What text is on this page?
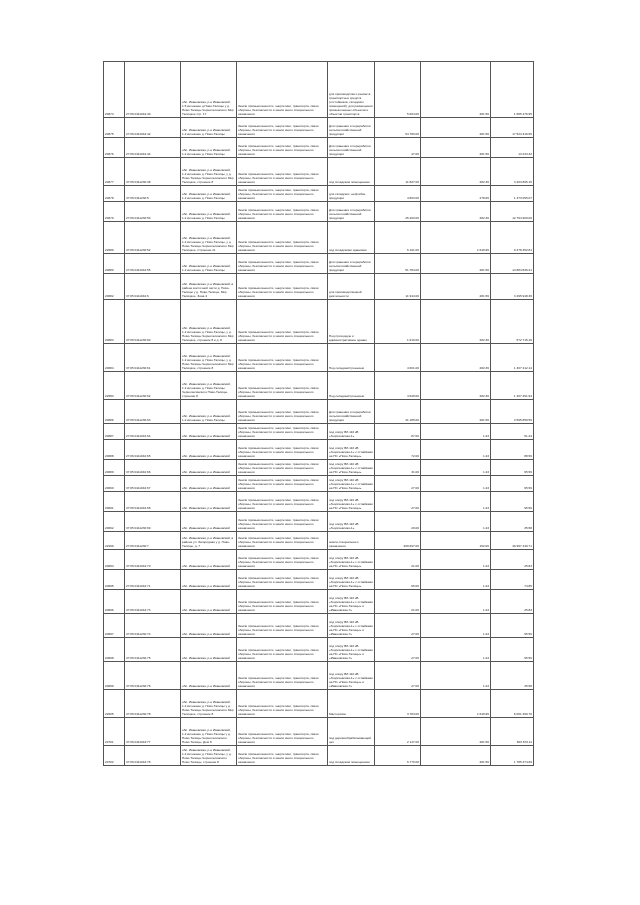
20674	27:06:0111042:40	обл. Ивановская, р-н Ивановский, 1.5 км южнее д.Ново-Талицы у д. Ново-Талицы Чернолесинского Мкр Талицкое стр. 17	Земли промышленности, энергетики, транспорта, связи обороны, безопасности и земли иного специального назначения	для производства и ремонта транспортных средств (отстойников, складских помещений), для размещения промышленных объектов и объектов транспорта	5 604.00	281.56	1 585 476.95
20675	27:06:0111042:42	обл. Ивановская, р-н Ивановский, 1.2 км южнее д. Ново-Талицы	Земли промышленности, энергетики, транспорта, связи обороны, безопасности и земли иного специального назначения	Для хранения и переработки сельскохозяйственной продукции	54 780.00	281.56	17 524 316.65
20676	27:06:0111042:44	обл. Ивановская, р-н Ивановский, 1.2 км южнее д. Ново-Талицы	Земли промышленности, энергетики, транспорта, связи обороны, безопасности и земли иного специального назначения	Для хранения и переработки сельскохозяйственной продукции	47.00	281.56	13 233.32
20677	37:05:0111230:48	обл. Ивановская, р-н Ивановский, 1.2 км южнее д. Ново-Талицы, у д. Ново-Талицы Чернолесинского Мкр Талицкое, строение 8	Земли промышленности, энергетики, транспорта, связи обороны, безопасности и земли иного специального назначения	под складским помещением	11 807.00	282.36	3 403 865.15
20678	37:05:0111230:5	обл. Ивановская, р-н Ивановский, 1.2 км южнее д. Ново-Талицы	Земли промышленности, энергетики, транспорта, связи обороны, безопасности и земли иного специального назначения	для складских, нефтебаз, продукции	4 803.00	278.66	1 373 055.07
20679	27:06:0111230:50	обл. Ивановская, р-н Ивановский, 1.2 км южнее д. Ново-Талицы	Земли промышленности, энергетики, транспорта, связи обороны, безопасности и земли иного специального назначения	Для хранения и переработки сельскохозяйственной продукции	45 403.00	282.36	12 794 900.00
22689	37:05:0111230:52	обл. Ивановская, р-н Ивановский, 1.2 км южнее д. Ново-Талицы, у д. Ново-Талицы Чернолесинского Мкр Талицкое, Строение 11	Земли промышленности, энергетики, транспорта, связи обороны, безопасности и земли иного специального назначения	под складскими зданиями	6 101.00	1 649.95	9 378 352.81
20680	27:06:0111042:55	обл. Ивановская, р-н Ивановский, 1.2 км южнее д. Ново-Талицы	Земли промышленности, энергетики, транспорта, связи обороны, безопасности и земли иного специального назначения	Для хранения и переработки сельскохозяйственной продукции	51 784.00	281.56	14 884 836.21
20682	37:05:0111042:6	обл. Ивановская, р-н Ивановский, в районе восточной части д. Ново-Талицы у д. Ново-Талицы, Мкр Талицкое, Зона 4	Земли промышленности, энергетики, транспорта, связи обороны, безопасности и земли иного специального назначения	для производственной деятельности	11 944.00	281.56	3 495 948.36
20683	37:05:0111230:60	обл. Ивановская, р-н Ивановский, 1.2 км южнее д. Ново-Талицы, у д. Ново-Талицы Чернолесинского Мкр Талицкое, строение 8 и д. 8	Земли промышленности, энергетики, транспорта, связи обороны, безопасности и земли иного специального назначения	Под проходную и административное здание	1 910.00	282.36	572 715.16
20684	37:05:0111230:61	обл. Ивановская, р-н Ивановский, 1.2 км южнее д. Ново-Талицы, у д. Ново-Талицы Чернолесинского Мкр Талицкое, строение 8	Земли промышленности, энергетики, транспорта, связи обороны, безопасности и земли иного специального назначения	Под складом/строением	4 601.00	282.36	1 307 412.14
22583	37:05:0111230:62	обл. Ивановская, р-н Ивановский, 1.2 км южнее д. Ново-Талицы Чернолесинского Ново-Талицы, строение 8	Земли промышленности, энергетики, транспорта, связи обороны, безопасности и земли иного специального назначения	Под складом/строением	4 628.00	282.36	1 307 451.94
20686	37:05:0111230:63	обл. Ивановская, р-н Ивановский, 1.2 км южнее д. Ново-Талицы	Земли промышленности, энергетики, транспорта, связи обороны, безопасности и земли иного специального назначения	Для хранения и переработки сельскохозяйственной продукции	41 185.00	281.56	3 595 859.56
20687	27:06:0111042:64	обл. Ивановская, р-н Ивановский	Земли промышленности, энергетики, транспорта, связи обороны, безопасности и земли иного специального назначения	под опору ВЛ-110 кВ «Георгиевская-1»	87.00	1.23	51.44
20688	27:06:0111042:65	обл. Ивановская, р-н Ивановский	Земли промышленности, энергетики, транспорта, связи обороны, безопасности и земли иного специального назначения	под опору ВЛ-110 кВ «Георгиевская-1» с отпайками на ПС «Ново-Талицы»	72.00	1.23	88.56
20689	37:05:0111042:66	обл. Ивановская, р-н Ивановский	Земли промышленности, энергетики, транспорта, связи обороны, безопасности и земли иного специального назначения	под опору ВЛ-110 кВ «Георгиевская-1» с отпайками на ПС «Ново-Талицы»	31.00	1.23	95.56
20690	37:05:0111042:67	обл. Ивановская, р-н Ивановский	Земли промышленности, энергетики, транспорта, связи обороны, безопасности и земли иного специального назначения	под опору ВЛ-110 кВ «Георгиевская-1» с отпайками на ПС «Ново-Талицы»	27.00	1.23	95.56
20691	37:05:0111042:68	обл. Ивановская, р-н Ивановский	Земли промышленности, энергетики, транспорта, связи обороны, безопасности и земли иного специального назначения	под опору ВЛ-110 кВ «Георгиевская-1» с отпайками на ПС «Ново-Талицы»	27.00	1.23	95.56
20692	37:05:0111230:69	обл. Ивановская, р-н Ивановский	Земли промышленности, энергетики, транспорта, связи обороны, безопасности и земли иного специального назначения	под опору ВЛ-110 кВ «Георгиевская-1»	29.00	1.23	35.58
22299	27:05:0111230:7	обл. Ивановская, р-н Ивановский, в районе ул. Загородная у д. Ново-Талицы, д. 7	Земли промышленности, энергетики, транспорта, связи обороны, безопасности и земли иного специального назначения	земли специального назначения	269 697.00	152.00	40 997 449.71
20694	37:05:0111042:70	обл. Ивановская, р-н Ивановский	Земли промышленности, энергетики, транспорта, связи обороны, безопасности и земли иного специального назначения	под опору ВЛ-110 кВ «Георгиевская-1» с отпайками на ПС «Ново-Талицы»	21.00	1.23	25.83
20695	27:06:0111042:71	обл. Ивановская, р-н Ивановский	Земли промышленности, энергетики, транспорта, связи обороны, безопасности и земли иного специального назначения	под опору ВЛ-110 кВ «Георгиевская-1» с отпайками на ПС «Ново-Талицы»	65.00	1.23	74.85
20696	37:05:0111042:73	обл. Ивановская, р-н Ивановский	Земли промышленности, энергетики, транспорта, связи обороны, безопасности и земли иного специального назначения	под опору ВЛ-110 кВ «Георгиевская-1» с отпайками на ПС «Ново-Талицы» и «Ивановская-7»	21.00	1.23	25.83
20697	37:05:0111230:74	обл. Ивановская, р-н Ивановский	Земли промышленности, энергетики, транспорта, связи обороны, безопасности и земли иного специального назначения	под опору ВЛ-110 кВ «Георгиевская-1» с отпайками на ПС «Ново-Талицы» и «Ивановская-7»	27.00	1.23	95.56
20698	37:05:0111230:75	обл. Ивановская, р-н Ивановский	Земли промышленности, энергетики, транспорта, связи обороны, безопасности и земли иного специального назначения	под опору ВЛ-110 кВ «Георгиевская-1» с отпайками на ПС «Ново-Талицы» и «Ивановская-7»	27.00	1.23	95.56
20699	37:05:0111230:76	обл. Ивановская, р-н Ивановский	Земли промышленности, энергетики, транспорта, связи обороны, безопасности и земли иного специального назначения	под опору ВЛ-110 кВ «Георгиевская-1» с отпайками на ПС «Ново-Талицы» и «Ивановская-7»	27.00	1.23	35.58
22605	37:05:0111230:78	обл. Ивановская, р-н Ивановский, 1.2 км южнее д. Ново-Талицы у д. Ново-Талицы Чернолесинского Мкр Талицкое, строение 8	Земли промышленности, энергетики, транспорта, связи обороны, безопасности и земли иного специального назначения	Мастерские	3 784.00	1 649.95	6 061 399.70
20701	37:06:0111042:77	обл. Ивановская, р-н Ивановский, 1.2 км южнее д. Ново-Талицы у д. Ново-Талицы Чернолесинского Ново-Талицы, Дом 8	Земли промышленности, энергетики, транспорта, связи обороны, безопасности и земли иного специального назначения	под деревообрабатывающий цех	2 147.00	281.56	603 670.11
20702	37:06:0111042:78	обл. Ивановская, р-н Ивановский, 1.2 км южнее д. Ново-Талицы, у д. Ново-Талицы Чернолесинского Ново-Талицы, строение 8	Земли промышленности, энергетики, транспорта, связи обороны, безопасности и земли иного специального назначения	под складским помещением	6 770.00	281.56	1 785 374.69
